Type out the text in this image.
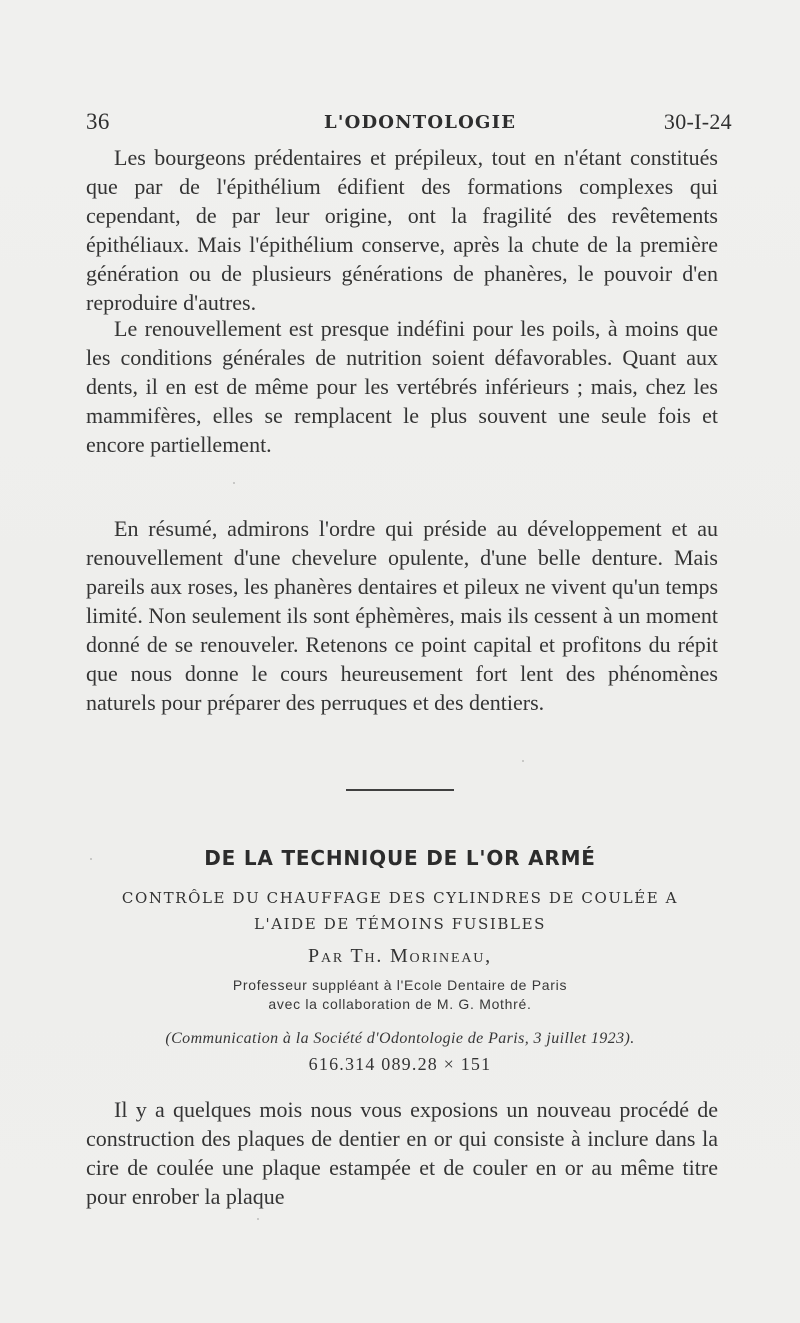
36	L'ODONTOLOGIE	30-I-24

Les bourgeons prédentaires et prépileux, tout en n'étant constitués que par de l'épithélium édifient des formations complexes qui cependant, de par leur origine, ont la fragilité des revêtements épithéliaux. Mais l'épithélium conserve, après la chute de la première génération ou de plusieurs générations de phanères, le pouvoir d'en reproduire d'autres.

Le renouvellement est presque indéfini pour les poils, à moins que les conditions générales de nutrition soient défavorables. Quant aux dents, il en est de même pour les vertébrés inférieurs ; mais, chez les mammifères, elles se remplacent le plus souvent une seule fois et encore partiellement.

En résumé, admirons l'ordre qui préside au développement et au renouvellement d'une chevelure opulente, d'une belle denture. Mais pareils aux roses, les phanères dentaires et pileux ne vivent qu'un temps limité. Non seulement ils sont éphèmères, mais ils cessent à un moment donné de se renouveler. Retenons ce point capital et profitons du répit que nous donne le cours heureusement fort lent des phénomènes naturels pour préparer des perruques et des dentiers.

DE LA TECHNIQUE DE L'OR ARMÉ
CONTRÔLE DU CHAUFFAGE DES CYLINDRES DE COULÉE A L'AIDE DE TÉMOINS FUSIBLES
Par Th. Morineau,
Professeur suppléant à l'Ecole Dentaire de Paris
avec la collaboration de M. G. Mothré.
(Communication à la Société d'Odontologie de Paris, 3 juillet 1923).
616.314 089.28 × 151

Il y a quelques mois nous vous exposions un nouveau procédé de construction des plaques de dentier en or qui consiste à inclure dans la cire de coulée une plaque estampée et de couler en or au même titre pour enrober la plaque
